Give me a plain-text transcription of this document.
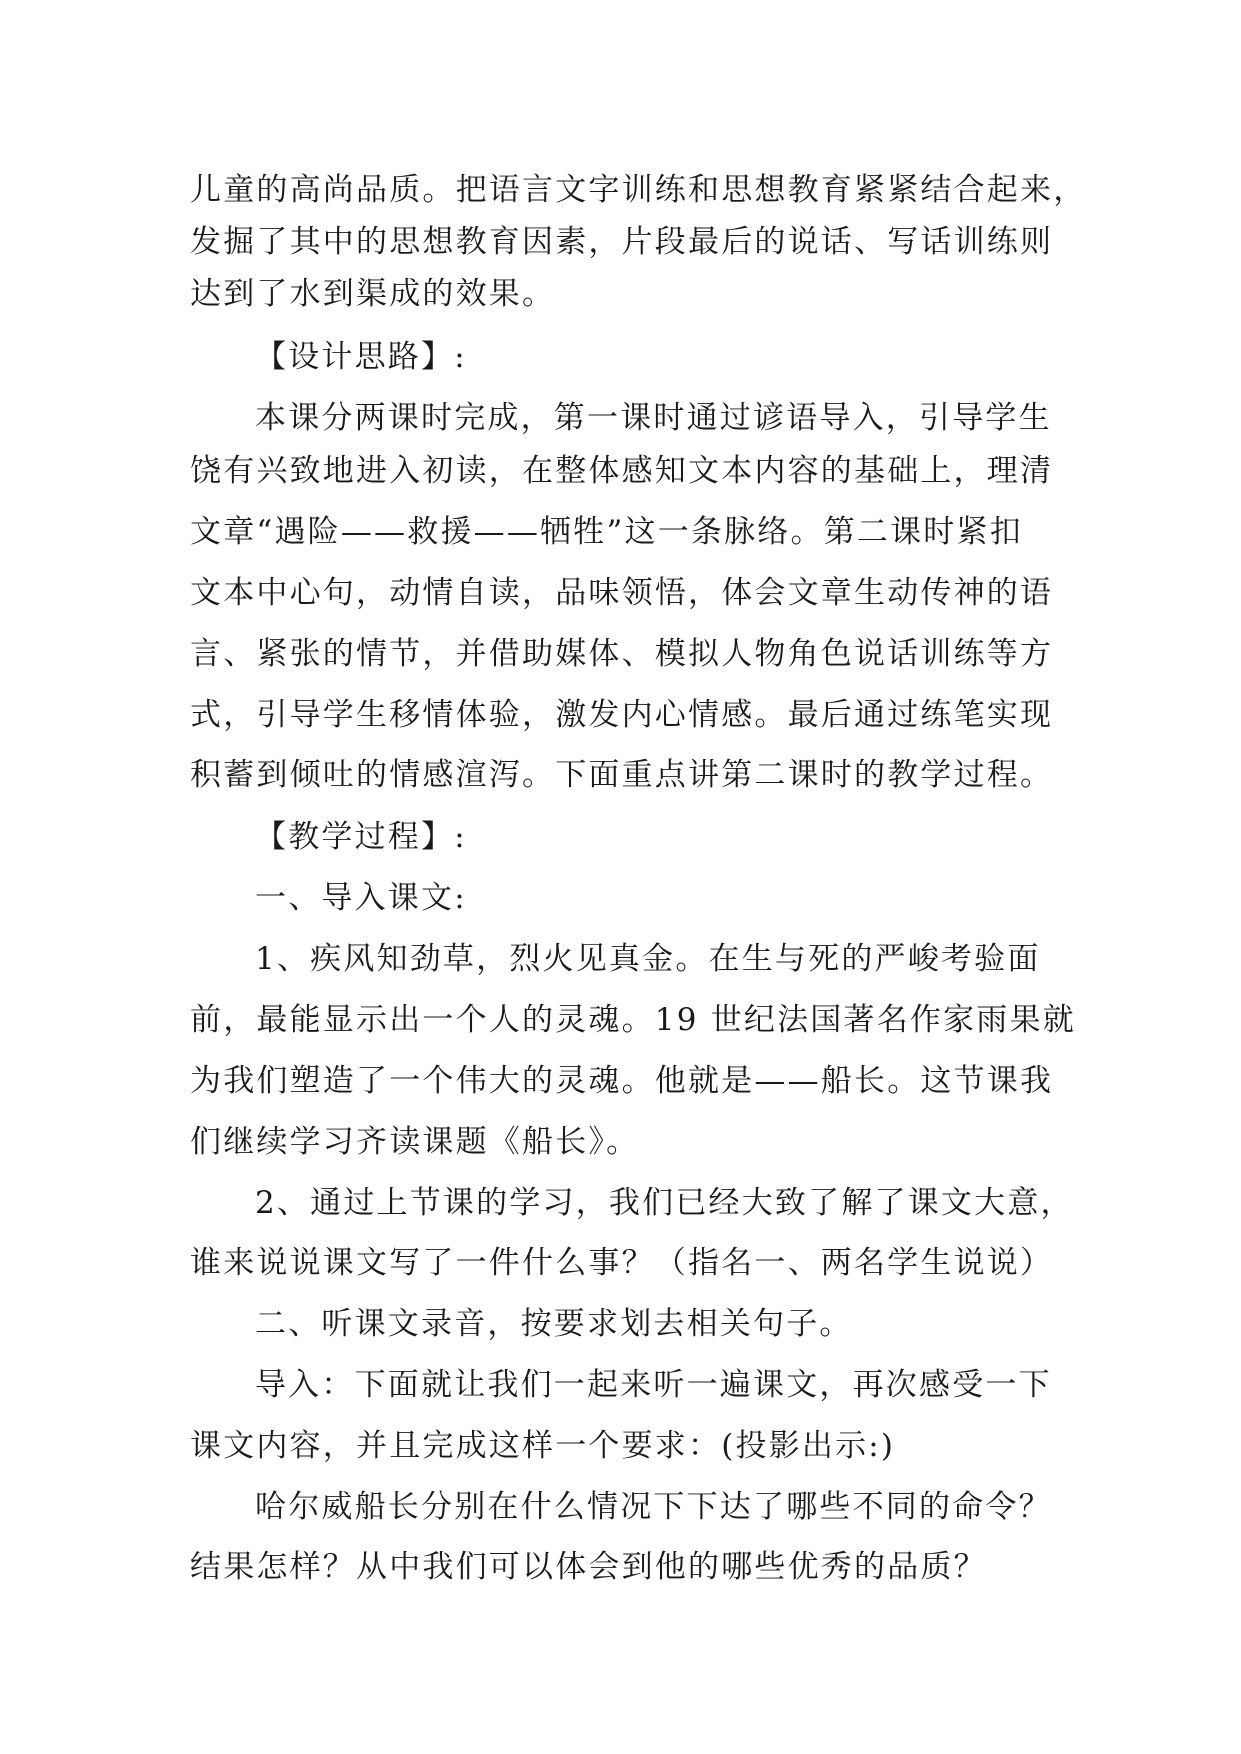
儿童的高尚品质。把语言文字训练和思想教育紧紧结合起来，
发掘了其中的思想教育因素，片段最后的说话、写话训练则
达到了水到渠成的效果。
【设计思路】:
本课分两课时完成，第一课时通过谚语导入，引导学生
饶有兴致地进入初读，在整体感知文本内容的基础上，理清
文章“遇险——救援——牺牲”这一条脉络。第二课时紧扣
文本中心句，动情自读，品味领悟，体会文章生动传神的语
言、紧张的情节，并借助媒体、模拟人物角色说话训练等方
式，引导学生移情体验，激发内心情感。最后通过练笔实现
积蓄到倾吐的情感渲泻。下面重点讲第二课时的教学过程。
【教学过程】:
一、导入课文:
1、疾风知劲草，烈火见真金。在生与死的严峻考验面
前，最能显示出一个人的灵魂。19 世纪法国著名作家雨果就
为我们塑造了一个伟大的灵魂。他就是——船长。这节课我
们继续学习齐读课题《船长》。
2、通过上节课的学习，我们已经大致了解了课文大意，
谁来说说课文写了一件什么事？（指名一、两名学生说说）
二、听课文录音，按要求划去相关句子。
导入：下面就让我们一起来听一遍课文，再次感受一下
课文内容，并且完成这样一个要求：(投影出示:)
哈尔威船长分别在什么情况下下达了哪些不同的命令？
结果怎样？从中我们可以体会到他的哪些优秀的品质？
